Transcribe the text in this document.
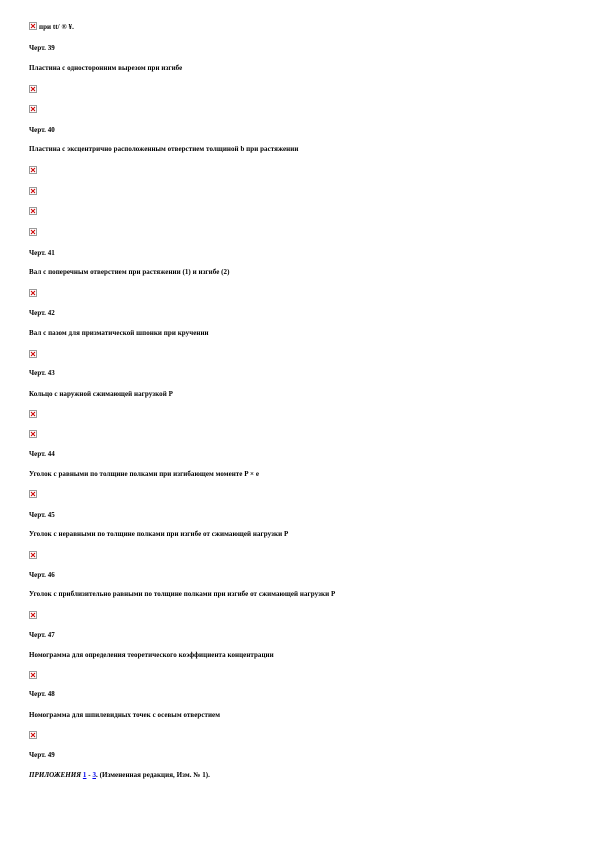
при tt/ ® ¥.
Черт. 39
Пластина с односторонним вырезом при изгибе
Черт. 40
Пластина с эксцентрично расположенным отверстием толщиной b при растяжении
Черт. 41
Вал с поперечным отверстием при растяжении (1) и изгибе (2)
Черт. 42
Вал с пазом для призматической шпонки при кручении
Черт. 43
Кольцо с наружной сжимающей нагрузкой P
Черт. 44
Уголок с равными по толщине полками при изгибающем моменте P × e
Черт. 45
Уголок с неравными по толщине полками при изгибе от сжимающей нагрузки P
Черт. 46
Уголок с приблизительно равными по толщине полками при изгибе от сжимающей нагрузки P
Черт. 47
Номограмма для определения теоретического коэффициента концентрации
Черт. 48
Номограмма для шпилевидных точек с осевым отверстием
Черт. 49
ПРИЛОЖЕНИЯ 1 - 3. (Измененная редакция, Изм. № 1).
